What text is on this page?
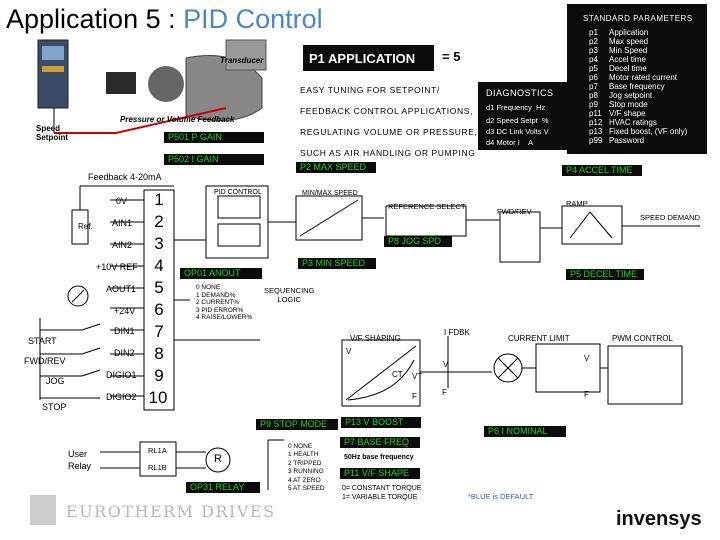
Application 5 : PID Control
Transducer
Pressure or Volume Feedback
Speed
Setpoint
P1 APPLICATION = 5
EASY TUNING FOR SETPOINT/
FEEDBACK CONTROL APPLICATIONS,
REGULATING VOLUME OR PRESSURE,
SUCH AS AIR HANDLING OR PUMPING
STANDARD PARAMETERS
p1 Application
p2 Max speed
p3 Min Speed
p4 Accel time
p5 Decel time
p6 Motor rated current
p7 Base frequency
p8 Jog setpoint
p9 Stop mode
p11 V/F shape
p12 HVAC ratings
p13 Fixed boost, (VF only)
p99 Password
DIAGNOSTICS
d1 Frequency Hz
d2 Speed Setpt %
d3 DC Link Volts V
d4 Motor I A
P501 P GAIN
P502 I GAIN
P2 MAX SPEED	P4 ACCEL TIME
P8 JOG SPD
P3 MIN SPEED
P5 DECEL TIME
OP01 ANOUT
P9 STOP MODE	P13 V BOOST
P6 I NOMINAL
P7 BASE FREQ
P11 V/F SHAPE
OP31 RELAY
Feedback 4-20mA
PID CONTROL	MIN/MAX SPEED
REFERENCE SELECT
FWD/REV
RAMP
SPEED DEMAND
SEQUENCING
LOGIC
V/F SHAPING
I FDBK
CURRENT LIMIT	PWM CONTROL
V
CT VT
F
V
F
V
F
R
RL1A
RL1B
User
Relay
50Hz base frequency
0= CONSTANT TORQUE
1= VARIABLE TORQUE	*BLUE is DEFAULT
Ref.
0 NONE
1 DEMAND%
2 CURRENT%
3 PID ERROR%
4 RAISE/LOWER%
0 NONE
1 HEALTH
2 TRIPPED
3 RUNNING
4 AT ZERO
5 AT SPEED
1
2
3
4
5
6
7
8
9
10
0V
AIN1
AIN2
+10V REF
AOUT1
+24V
DIN1
DIN2
DIGIO1
DIGIO2
START
FWD/REV
JOG
STOP
EUROTHERM DRIVES	invensys
